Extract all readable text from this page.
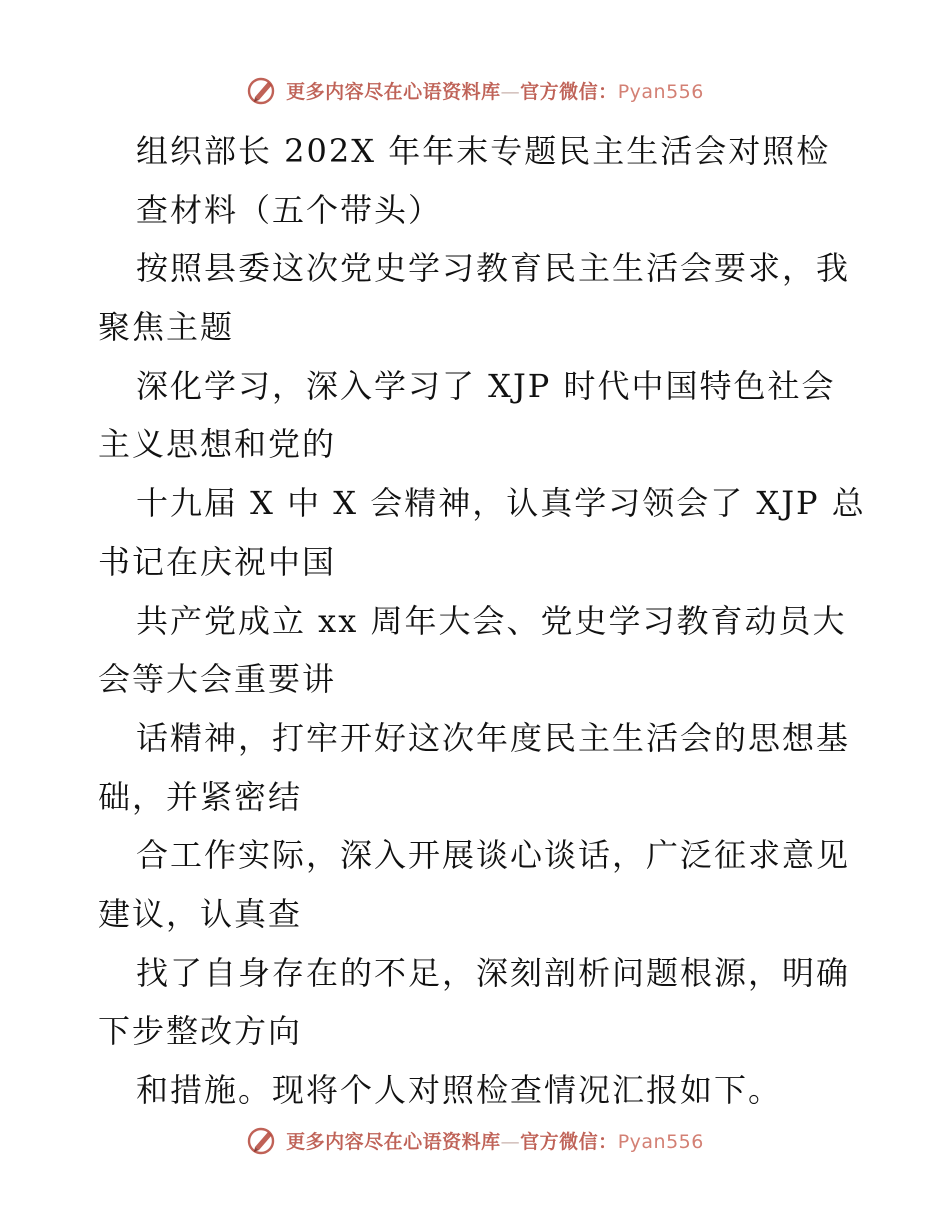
更多内容尽在心语资料库—官方微信：Pyan556
组织部长 202X 年年末专题民主生活会对照检
查材料（五个带头）
按照县委这次党史学习教育民主生活会要求，我
聚焦主题
深化学习，深入学习了 XJP 时代中国特色社会
主义思想和党的
十九届 X 中 X 会精神，认真学习领会了 XJP 总
书记在庆祝中国
共产党成立 xx 周年大会、党史学习教育动员大
会等大会重要讲
话精神，打牢开好这次年度民主生活会的思想基
础，并紧密结
合工作实际，深入开展谈心谈话，广泛征求意见
建议，认真查
找了自身存在的不足，深刻剖析问题根源，明确
下步整改方向
和措施。现将个人对照检查情况汇报如下。
更多内容尽在心语资料库—官方微信：Pyan556
